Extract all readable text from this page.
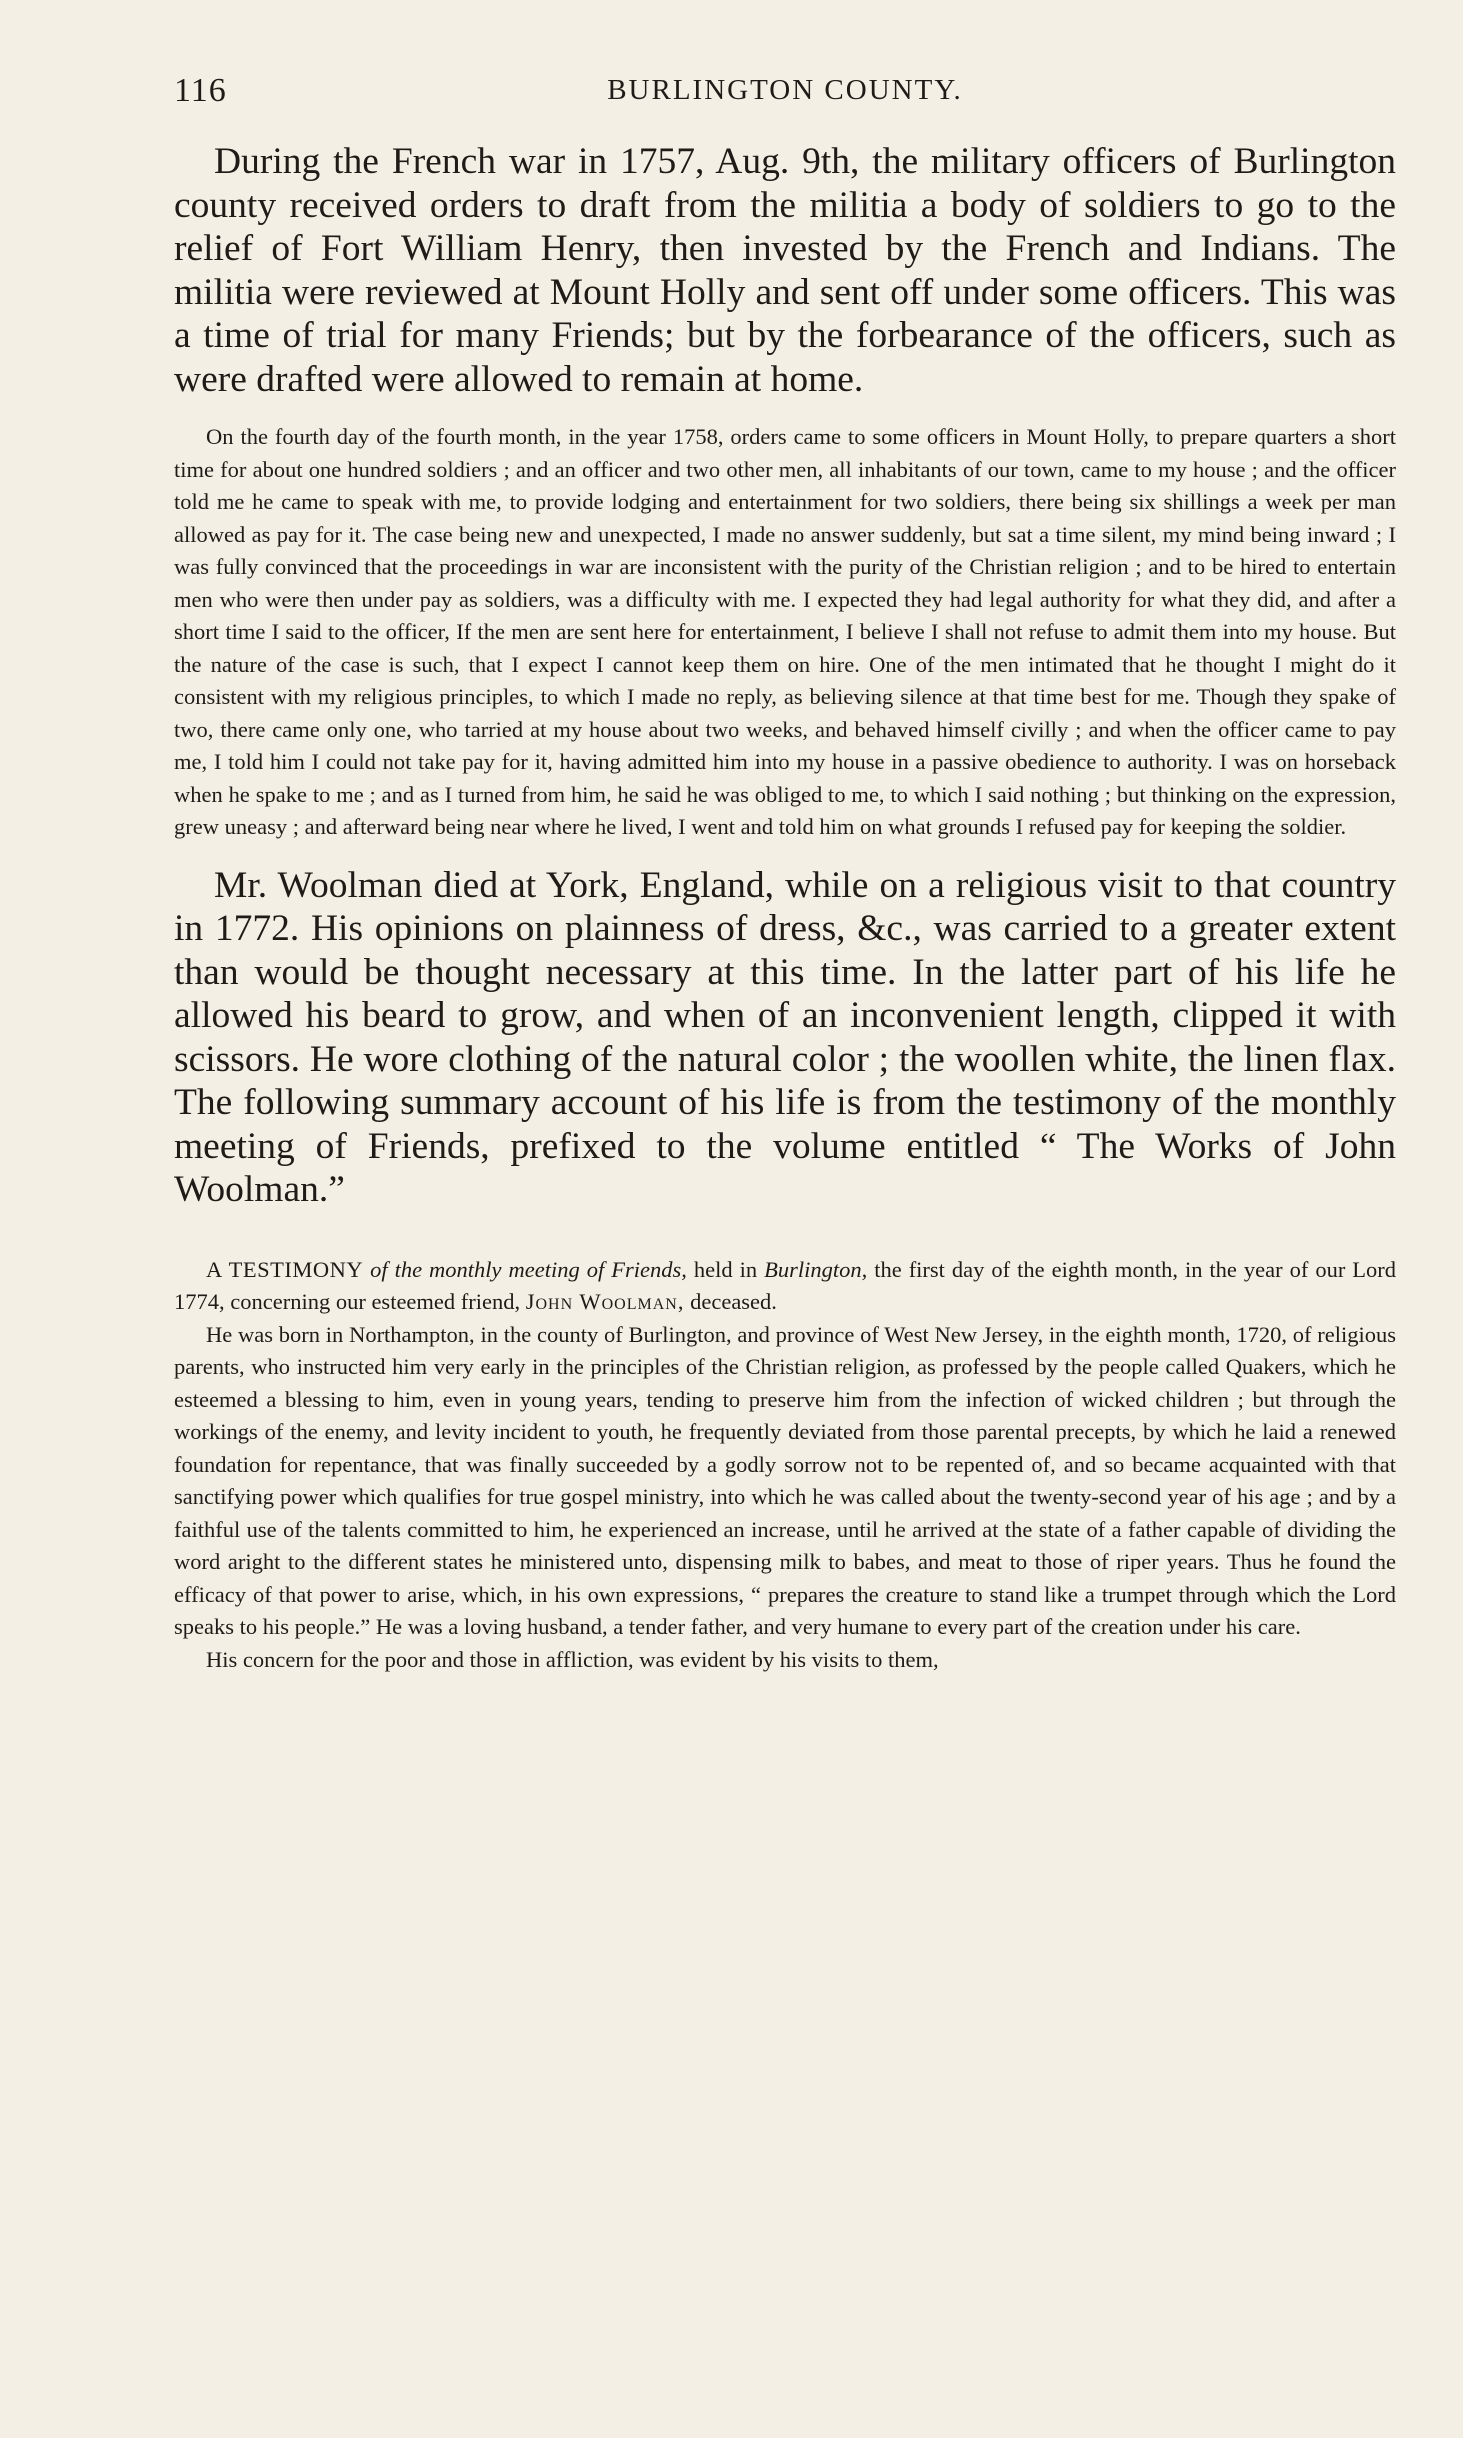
116	BURLINGTON COUNTY.

During the French war in 1757, Aug. 9th, the military officers of Burlington county received orders to draft from the militia a body of soldiers to go to the relief of Fort William Henry, then invested by the French and Indians. The militia were reviewed at Mount Holly and sent off under some officers. This was a time of trial for many Friends; but by the forbearance of the officers, such as were drafted were allowed to remain at home.

On the fourth day of the fourth month, in the year 1758, orders came to some officers in Mount Holly, to prepare quarters a short time for about one hundred soldiers ; and an officer and two other men, all inhabitants of our town, came to my house ; and the officer told me he came to speak with me, to provide lodging and entertainment for two soldiers, there being six shillings a week per man allowed as pay for it. The case being new and unexpected, I made no answer suddenly, but sat a time silent, my mind being inward ; I was fully convinced that the proceedings in war are inconsistent with the purity of the Christian religion ; and to be hired to entertain men who were then under pay as soldiers, was a difficulty with me. I expected they had legal authority for what they did, and after a short time I said to the officer, If the men are sent here for entertainment, I believe I shall not refuse to admit them into my house. But the nature of the case is such, that I expect I cannot keep them on hire. One of the men intimated that he thought I might do it consistent with my religious principles, to which I made no reply, as believing silence at that time best for me. Though they spake of two, there came only one, who tarried at my house about two weeks, and behaved himself civilly ; and when the officer came to pay me, I told him I could not take pay for it, having admitted him into my house in a passive obedience to authority. I was on horseback when he spake to me ; and as I turned from him, he said he was obliged to me, to which I said nothing ; but thinking on the expression, grew uneasy ; and afterward being near where he lived, I went and told him on what grounds I refused pay for keeping the soldier.

Mr. Woolman died at York, England, while on a religious visit to that country in 1772. His opinions on plainness of dress, &c., was carried to a greater extent than would be thought necessary at this time. In the latter part of his life he allowed his beard to grow, and when of an inconvenient length, clipped it with scissors. He wore clothing of the natural color ; the woollen white, the linen flax. The following summary account of his life is from the testimony of the monthly meeting of Friends, prefixed to the volume entitled “ The Works of John Woolman.”

A TESTIMONY of the monthly meeting of Friends, held in Burlington, the first day of the eighth month, in the year of our Lord 1774, concerning our esteemed friend, John Woolman, deceased.

He was born in Northampton, in the county of Burlington, and province of West New Jersey, in the eighth month, 1720, of religious parents, who instructed him very early in the principles of the Christian religion, as professed by the people called Quakers, which he esteemed a blessing to him, even in young years, tending to preserve him from the infection of wicked children ; but through the workings of the enemy, and levity incident to youth, he frequently deviated from those parental precepts, by which he laid a renewed foundation for repentance, that was finally succeeded by a godly sorrow not to be repented of, and so became acquainted with that sanctifying power which qualifies for true gospel ministry, into which he was called about the twenty-second year of his age ; and by a faithful use of the talents committed to him, he experienced an increase, until he arrived at the state of a father capable of dividing the word aright to the different states he ministered unto, dispensing milk to babes, and meat to those of riper years. Thus he found the efficacy of that power to arise, which, in his own expressions, “ prepares the creature to stand like a trumpet through which the Lord speaks to his people.” He was a loving husband, a tender father, and very humane to every part of the creation under his care.

His concern for the poor and those in affliction, was evident by his visits to them,
